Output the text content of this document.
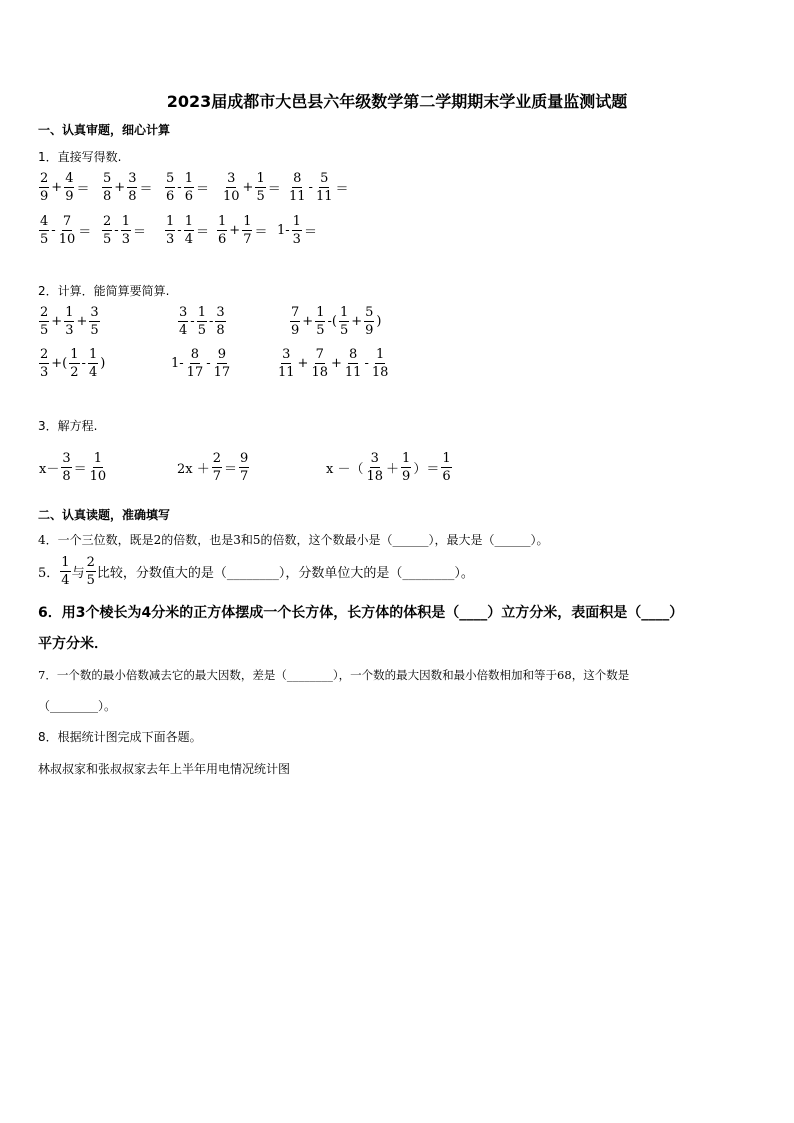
2023届成都市大邑县六年级数学第二学期期末学业质量监测试题
一、认真审题，细心计算
1．直接写得数.
$\frac{2}{9} + \frac{4}{9} = \frac{5}{8} + \frac{3}{8} = \frac{5}{6} - \frac{1}{6} = \frac{3}{10} + \frac{1}{5} = \frac{8}{11} - \frac{5}{11}$ ＝
$\frac{4}{5} - \frac{7}{10} = \frac{2}{5} - \frac{1}{3} = \frac{1}{3} - \frac{1}{4} = \frac{1}{6} + \frac{1}{7} = 1- \frac{1}{3}$ ＝
2．计算．能简算要简算.
$\frac{2}{5} + \frac{1}{3} + \frac{3}{5}$	$\frac{3}{4} - \frac{1}{5} - \frac{3}{8}$	$\frac{7}{9} + \frac{1}{5}$ -( $\frac{1}{5} + \frac{5}{9}$ )
$\frac{2}{3}$ +( $\frac{1}{2} - \frac{1}{4}$ )	$1- \frac{8}{17} - \frac{9}{17}$	$\frac{3}{11} + \frac{7}{18} + \frac{8}{11} - \frac{1}{18}$
3．解方程.
$x- \frac{3}{8} = \frac{1}{10}$	$2x + \frac{2}{7} = \frac{9}{7}$	x －（ $\frac{3}{18} + \frac{1}{9}$ ）＝ $\frac{1}{6}$
二、认真读题，准确填写
4．一个三位数，既是2的倍数，也是3和5的倍数，这个数最小是（______），最大是（______）。
5． $\frac{1}{4}$ 与 $\frac{2}{5}$ 比较，分数值大的是（________），分数单位大的是（________）。
6．用3个棱长为4分米的正方体摆成一个长方体，长方体的体积是（____）立方分米，表面积是（____）
平方分米．
7．一个数的最小倍数减去它的最大因数，差是（________），一个数的最大因数和最小倍数相加和等于68，这个数是
（________）。
8．根据统计图完成下面各题。
林叔叔家和张叔叔家去年上半年用电情况统计图
